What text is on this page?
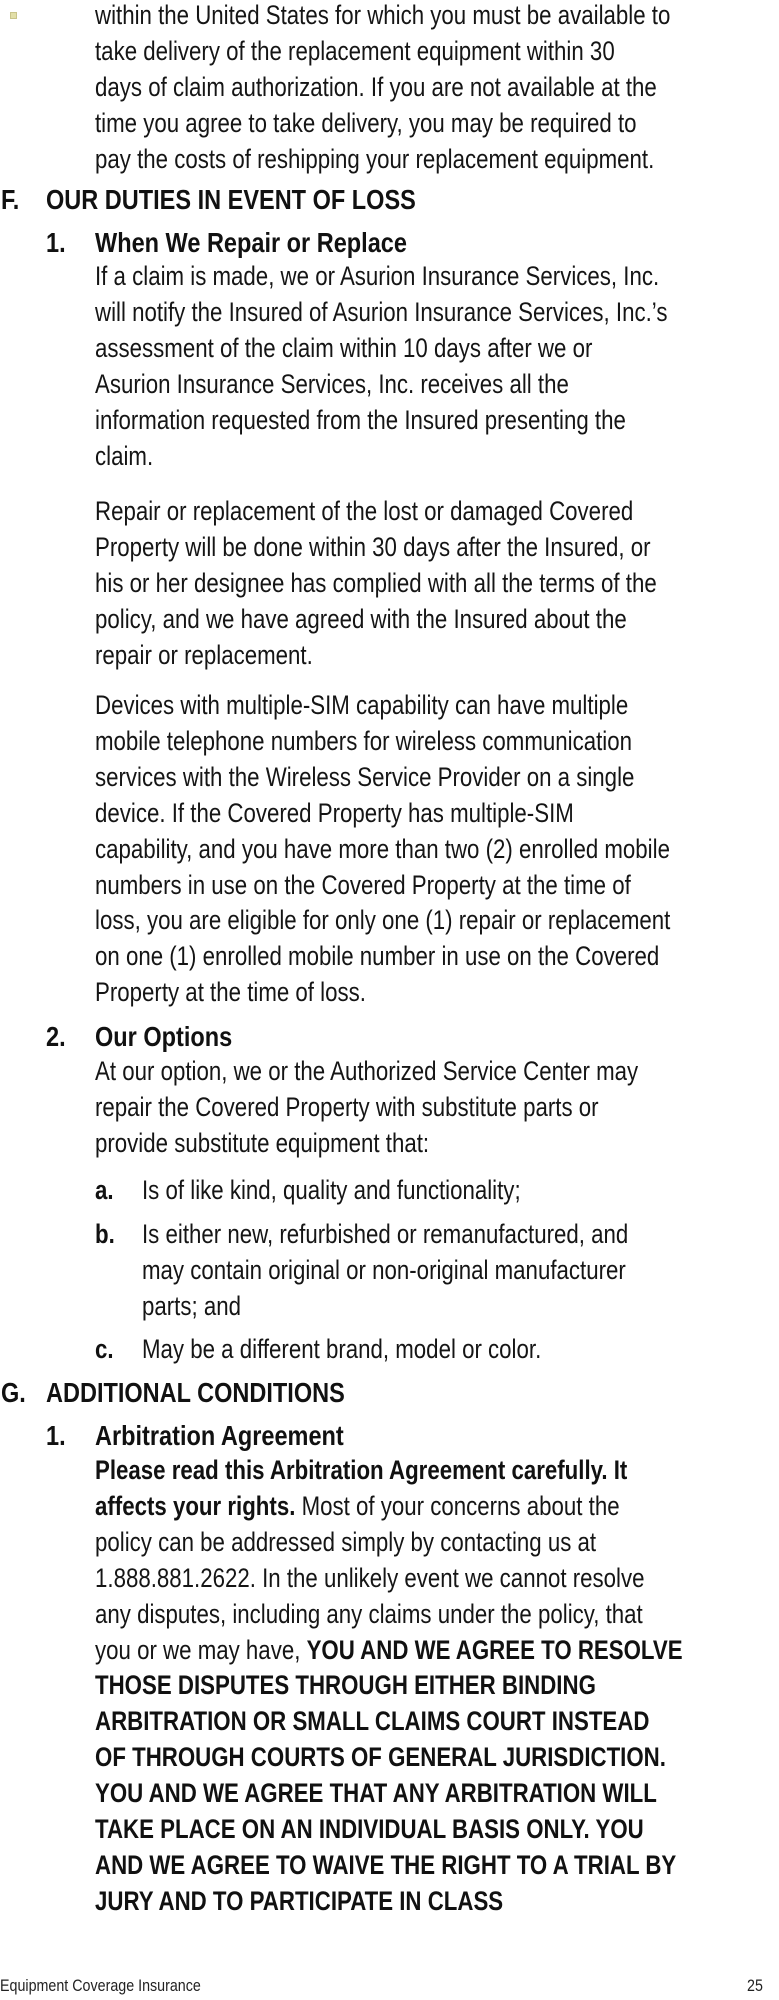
within the United States for which you must be available to
take delivery of the replacement equipment within 30
days of claim authorization. If you are not available at the
time you agree to take delivery, you may be required to
pay the costs of reshipping your replacement equipment.
F. OUR DUTIES IN EVENT OF LOSS
1. When We Repair or Replace
If a claim is made, we or Asurion Insurance Services, Inc.
will notify the Insured of Asurion Insurance Services, Inc.’s
assessment of the claim within 10 days after we or
Asurion Insurance Services, Inc. receives all the
information requested from the Insured presenting the
claim.
Repair or replacement of the lost or damaged Covered
Property will be done within 30 days after the Insured, or
his or her designee has complied with all the terms of the
policy, and we have agreed with the Insured about the
repair or replacement.
Devices with multiple-SIM capability can have multiple
mobile telephone numbers for wireless communication
services with the Wireless Service Provider on a single
device. If the Covered Property has multiple-SIM
capability, and you have more than two (2) enrolled mobile
numbers in use on the Covered Property at the time of
loss, you are eligible for only one (1) repair or replacement
on one (1) enrolled mobile number in use on the Covered
Property at the time of loss.
2. Our Options
At our option, we or the Authorized Service Center may
repair the Covered Property with substitute parts or
provide substitute equipment that:
a. Is of like kind, quality and functionality;
b. Is either new, refurbished or remanufactured, and
may contain original or non-original manufacturer
parts; and
c. May be a different brand, model or color.
G. ADDITIONAL CONDITIONS
1. Arbitration Agreement
Please read this Arbitration Agreement carefully. It
affects your rights. Most of your concerns about the
policy can be addressed simply by contacting us at
1.888.881.2622. In the unlikely event we cannot resolve
any disputes, including any claims under the policy, that
you or we may have, YOU AND WE AGREE TO RESOLVE
THOSE DISPUTES THROUGH EITHER BINDING
ARBITRATION OR SMALL CLAIMS COURT INSTEAD
OF THROUGH COURTS OF GENERAL JURISDICTION.
YOU AND WE AGREE THAT ANY ARBITRATION WILL
TAKE PLACE ON AN INDIVIDUAL BASIS ONLY. YOU
AND WE AGREE TO WAIVE THE RIGHT TO A TRIAL BY
JURY AND TO PARTICIPATE IN CLASS
Equipment Coverage Insurance	25
